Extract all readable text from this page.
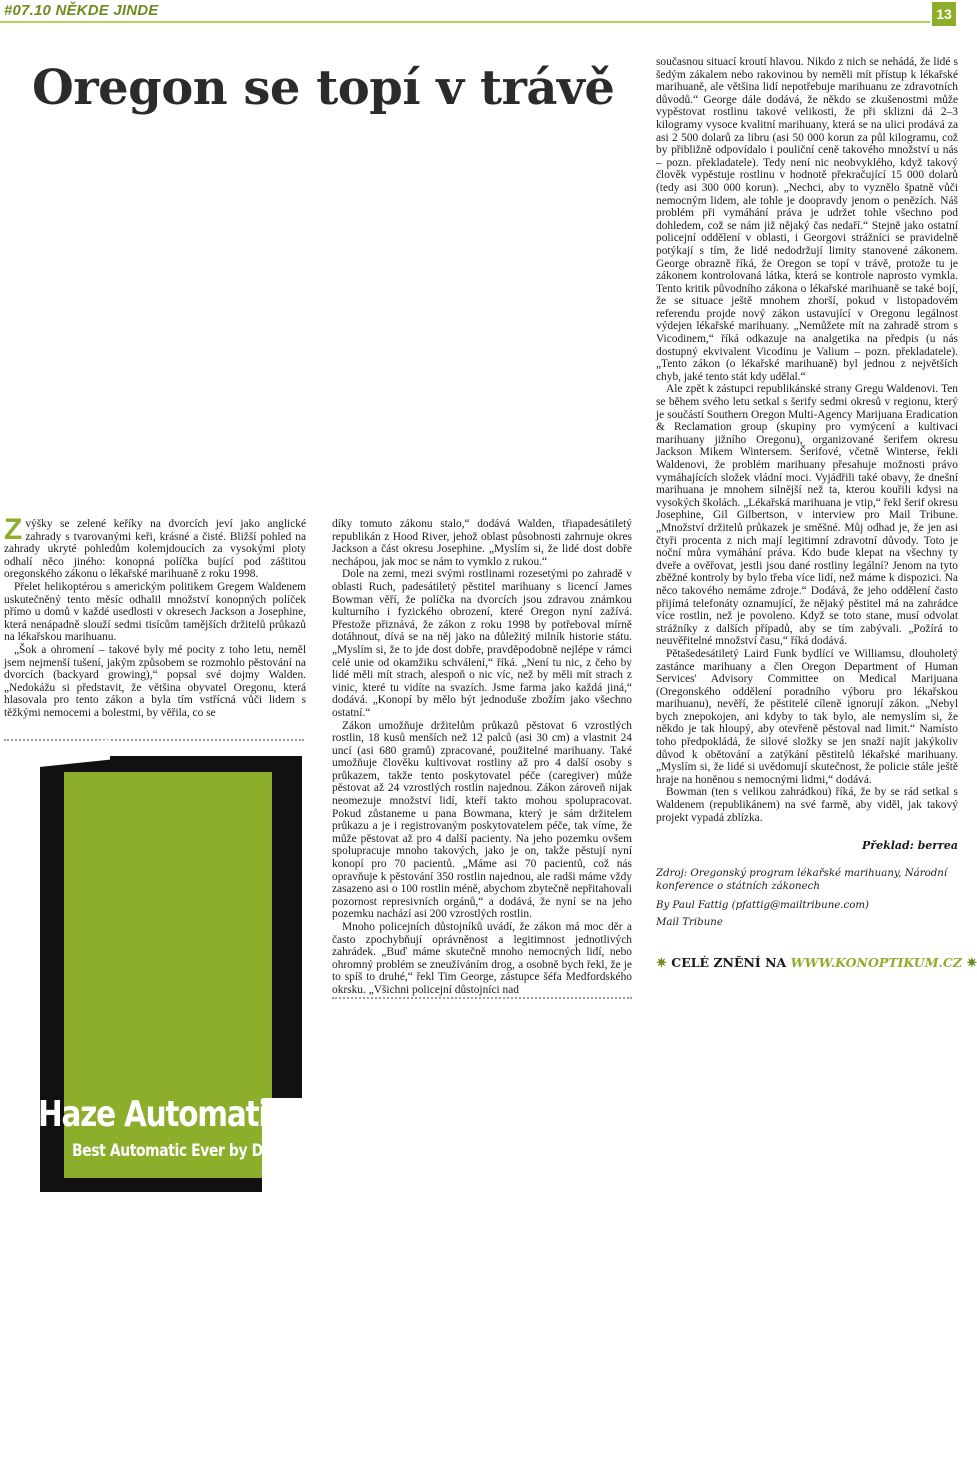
#07.10 NĚKDE JINDE	13
Oregon se topí v trávě

Zvýšky se zelené keříky na dvorcích jeví jako anglické zahrady s tvarovanými keři, krásné a čisté. Bližší pohled na zahrady ukryté pohledům kolemjdoucích za vysokými ploty odhalí něco jiného: konopná políčka bující pod záštitou oregonského zákonu o lékařské marihuaně z roku 1998.

Přelet helikoptérou s americkým politikem Gregem Waldenem uskutečněný tento měsíc odhalil množství konopných políček přímo u domů v každé usedlosti v okresech Jackson a Josephine, která nenápadně slouží sedmi tisícům tamějších držitelů průkazů na lékařskou marihuanu.

„Šok a ohromení – takové byly mé pocity z toho letu, neměl jsem nejmenší tušení, jakým způsobem se rozmohlo pěstování na dvorcích (backyard growing),“ popsal své dojmy Walden. „Nedokážu si představit, že většina obyvatel Oregonu, která hlasovala pro tento zákon a byla tím vstřícná vůči lidem s těžkými nemocemi a bolestmi, by věřila, co se

Haze Automatic
Best Automatic Ever by Dinafem

díky tomuto zákonu stalo,“ dodává Walden, třiapadesátiletý republikán z Hood River, jehož oblast působnosti zahrnuje okres Jackson a část okresu Josephine. „Myslím si, že lidé dost dobře nechápou, jak moc se nám to vymklo z rukou.“

Dole na zemi, mezi svými rostlinami rozesetými po zahradě v oblasti Ruch, padesátiletý pěstitel marihuany s licencí James Bowman věří, že políčka na dvorcích jsou zdravou známkou kulturního i fyzického obrození, které Oregon nyní zažívá. Přestože přiznává, že zákon z roku 1998 by potřeboval mírně dotáhnout, dívá se na něj jako na důležitý milník historie státu. „Myslím si, že to jde dost dobře, pravděpodobně nejlépe v rámci celé unie od okamžiku schválení,“ říká. „Není tu nic, z čeho by lidé měli mít strach, alespoň o nic víc, než by měli mít strach z vinic, které tu vidíte na svazích. Jsme farma jako každá jiná,“ dodává. „Konopí by mělo být jednoduše zbožím jako všechno ostatní.“

Zákon umožňuje držitelům průkazů pěstovat 6 vzrostlých rostlin, 18 kusů menších než 12 palců (asi 30 cm) a vlastnit 24 uncí (asi 680 gramů) zpracované, použitelné marihuany. Také umožňuje člověku kultivovat rostliny až pro 4 další osoby s průkazem, takže tento poskytovatel péče (caregiver) může pěstovat až 24 vzrostlých rostlin najednou. Zákon zároveň nijak neomezuje množství lidí, kteří takto mohou spolupracovat. Pokud zůstaneme u pana Bowmana, který je sám držitelem průkazu a je i registrovaným poskytovatelem péče, tak víme, že může pěstovat až pro 4 další pacienty. Na jeho pozemku ovšem spolupracuje mnoho takových, jako je on, takže pěstují nyní konopí pro 70 pacientů. „Máme asi 70 pacientů, což nás opravňuje k pěstování 350 rostlin najednou, ale radši máme vždy zasazeno asi o 100 rostlin méně, abychom zbytečně nepřitahovali pozornost represivních orgánů,“ a dodává, že nyní se na jeho pozemku nachází asi 200 vzrostlých rostlin.

Mnoho policejních důstojníků uvádí, že zákon má moc děr a často zpochybňují oprávněnost a legitimnost jednotlivých zahrádek. „Buď máme skutečně mnoho nemocných lidí, nebo ohromný problém se zneužíváním drog, a osobně bych řekl, že je to spíš to druhé,“ řekl Tim George, zástupce šéfa Medfordského okrsku. „Všichni policejní důstojníci nad

současnou situací kroutí hlavou. Nikdo z nich se nehádá, že lidé s šedým zákalem nebo rakovinou by neměli mít přístup k lékařské marihuaně, ale většina lidí nepotřebuje marihuanu ze zdravotních důvodů.“ George dále dodává, že někdo se zkušenostmi může vypěstovat rostlinu takové velikosti, že při sklizni dá 2–3 kilogramy vysoce kvalitní marihuany, která se na ulici prodává za asi 2 500 dolarů za libru (asi 50 000 korun za půl kilogramu, což by přibližně odpovídalo i pouliční ceně takového množství u nás – pozn. překladatele). Tedy není nic neobvyklého, když takový člověk vypěstuje rostlinu v hodnotě překračující 15 000 dolarů (tedy asi 300 000 korun). „Nechci, aby to vyznělo špatně vůči nemocným lidem, ale tohle je doopravdy jenom o penězích. Náš problém při vymáhání práva je udržet tohle všechno pod dohledem, což se nám již nějaký čas nedaří.“ Stejně jako ostatní policejní oddělení v oblasti, i Georgovi strážníci se pravidelně potýkají s tím, že lidé nedodržují limity stanovené zákonem. George obrazně říká, že Oregon se topí v trávě, protože tu je zákonem kontrolovaná látka, která se kontrole naprosto vymkla. Tento kritik původního zákona o lékařské marihuaně se také bojí, že se situace ještě mnohem zhorší, pokud v listopadovém referendu projde nový zákon ustavující v Oregonu legálnost výdejen lékařské marihuany. „Nemůžete mít na zahradě strom s Vicodinem,“ říká odkazuje na analgetika na předpis (u nás dostupný ekvivalent Vicodinu je Valium – pozn. překladatele). „Tento zákon (o lékařské marihuaně) byl jednou z největších chyb, jaké tento stát kdy udělal.“

Ale zpět k zástupci republikánské strany Gregu Waldenovi. Ten se během svého letu setkal s šerify sedmi okresů v regionu, který je součástí Southern Oregon Multi-Agency Marijuana Eradication & Reclamation group (skupiny pro vymýcení a kultivaci marihuany jižního Oregonu), organizované šerifem okresu Jackson Mikem Wintersem. Šerifové, včetně Winterse, řekli Waldenovi, že problém marihuany přesahuje možnosti právo vymáhajících složek vládní moci. Vyjádřili také obavy, že dnešní marihuana je mnohem silnější než ta, kterou kouřili kdysi na vysokých školách. „Lékařská marihuana je vtip,“ řekl šerif okresu Josephine, Gil Gilbertson, v interview pro Mail Tribune. „Množství držitelů průkazek je směšné. Můj odhad je, že jen asi čtyři procenta z nich mají legitimní zdravotní důvody. Toto je noční můra vymáhání práva. Kdo bude klepat na všechny ty dveře a ověřovat, jestli jsou dané rostliny legální? Jenom na tyto zběžné kontroly by bylo třeba více lidí, než máme k dispozici. Na něco takového nemáme zdroje.“ Dodává, že jeho oddělení často přijímá telefonáty oznamující, že nějaký pěstitel má na zahrádce více rostlin, než je povoleno. Když se toto stane, musí odvolat strážníky z dalších případů, aby se tím zabývali. „Požírá to neuvěřitelné množství času,“ říká dodává.

Pětašedesátiletý Laird Funk bydlící ve Williamsu, dlouholetý zastánce marihuany a člen Oregon Department of Human Services' Advisory Committee on Medical Marijuana (Oregonského oddělení poradního výboru pro lékařskou marihuanu), nevěří, že pěstitelé cíleně ignorují zákon. „Nebyl bych znepokojen, ani kdyby to tak bylo, ale nemyslím si, že někdo je tak hloupý, aby otevřeně pěstoval nad limit.“ Namísto toho předpokládá, že silové složky se jen snaží najít jakýkoliv důvod k obětování a zatýkání pěstitelů lékařské marihuany. „Myslím si, že lidé si uvědomují skutečnost, že policie stále ještě hraje na honěnou s nemocnými lidmi,“ dodává.

Bowman (ten s velikou zahrádkou) říká, že by se rád setkal s Waldenem (republikánem) na své farmě, aby viděl, jak takový projekt vypadá zblízka.

Překlad: berrea
Zdroj: Oregonský program lékařské marihuany, Národní konference o státních zákonech
By Paul Fattig (pfattig@mailtribune.com)
Mail Tribune
✷ CELÉ ZNĚNÍ NA WWW.KONOPTIKUM.CZ ✷
